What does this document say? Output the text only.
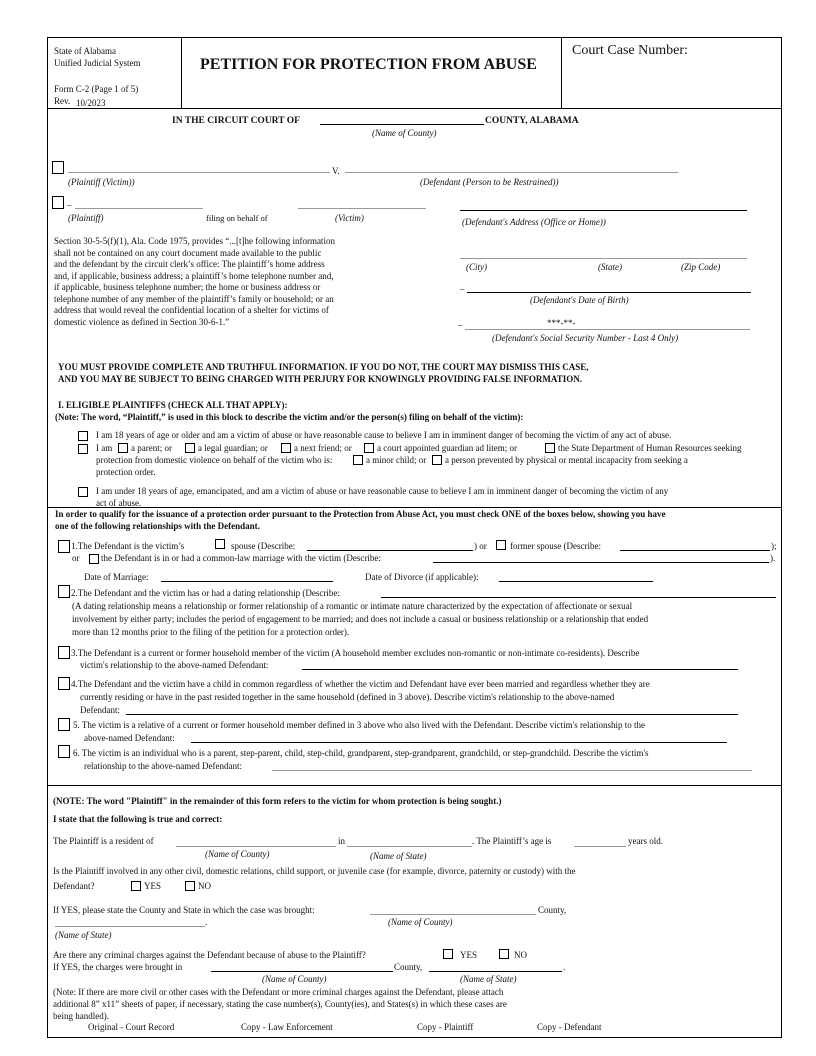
State of Alabama
Unified Judicial System
Form C-2 (Page 1 of 5)
Rev. 10/2023
PETITION FOR PROTECTION FROM ABUSE
Court Case Number:
IN THE CIRCUIT COURT OF	COUNTY, ALABAMA
(Name of County)
V.
(Plaintiff (Victim))	(Defendant (Person to be Restrained))
–
(Plaintiff)	filing on behalf of	(Victim)	(Defendant's Address (Office or Home))
Section 30-5-5(f)(1), Ala. Code 1975, provides “...[t]he following information shall not be contained on any court document made available to the public and the defendant by the circuit clerk’s office: The plaintiff’s home address and, if applicable, business address; a plaintiff’s home telephone number and, if applicable, business telephone number; the home or business address or telephone number of any member of the plaintiff’s family or household; or an address that would reveal the confidential location of a shelter for victims of domestic violence as defined in Section 30-6-1.”
(City)	(State)	(Zip Code)
–
(Defendant's Date of Birth)
–	***-**-
(Defendant's Social Security Number - Last 4 Only)
YOU MUST PROVIDE COMPLETE AND TRUTHFUL INFORMATION. IF YOU DO NOT, THE COURT MAY DISMISS THIS CASE,
AND YOU MAY BE SUBJECT TO BEING CHARGED WITH PERJURY FOR KNOWINGLY PROVIDING FALSE INFORMATION.
I. ELIGIBLE PLAINTIFFS (CHECK ALL THAT APPLY):
(Note: The word, “Plaintiff,” is used in this block to describe the victim and/or the person(s) filing on behalf of the victim):
I am 18 years of age or older and am a victim of abuse or have reasonable cause to believe I am in imminent danger of becoming the victim of any act of abuse.
I am a parent; or	a legal guardian; or	a next friend; or	a court appointed guardian ad litem; or	the State Department of Human Resources seeking
protection from domestic violence on behalf of the victim who is:	a minor child; or a person prevented by physical or mental incapacity from seeking a
protection order.
I am under 18 years of age, emancipated, and am a victim of abuse or have reasonable cause to believe I am in imminent danger of becoming the victim of any
act of abuse.
In order to qualify for the issuance of a protection order pursuant to the Protection from Abuse Act, you must check ONE of the boxes below, showing you have
one of the following relationships with the Defendant.
1.The Defendant is the victim’s	spouse (Describe:	) or	former spouse (Describe:	);
or the Defendant is in or had a common-law marriage with the victim (Describe:	).
Date of Marriage:	Date of Divorce (if applicable):
2.The Defendant and the victim has or had a dating relationship (Describe:
(A dating relationship means a relationship or former relationship of a romantic or intimate nature characterized by the expectation of affectionate or sexual
involvement by either party; includes the period of engagement to be married; and does not include a casual or business relationship or a relationship that ended
more than 12 months prior to the filing of the petition for a protection order).
3.The Defendant is a current or former household member of the victim (A household member excludes non-romantic or non-intimate co-residents). Describe
victim's relationship to the above-named Defendant:
4.The Defendant and the victim have a child in common regardless of whether the victim and Defendant have ever been married and regardless whether they are
currently residing or have in the past resided together in the same household (defined in 3 above). Describe victim's relationship to the above-named
Defendant:
5. The victim is a relative of a current or former household member defined in 3 above who also lived with the Defendant. Describe victim's relationship to the
above-named Defendant:
6. The victim is an individual who is a parent, step-parent, child, step-child, grandparent, step-grandparent, grandchild, or step-grandchild. Describe the victim's
relationship to the above-named Defendant:
(NOTE: The word "Plaintiff" in the remainder of this form refers to the victim for whom protection is being sought.)
I state that the following is true and correct:
The Plaintiff is a resident of	in	. The Plaintiff’s age is	years old.
(Name of County)	(Name of State)
Is the Plaintiff involved in any other civil, domestic relations, child support, or juvenile case (for example, divorce, paternity or custody) with the
Defendant?	YES	NO
If YES, please state the County and State in which the case was brought:	County,
(Name of County)
.
(Name of State)
Are there any criminal charges against the Defendant because of abuse to the Plaintiff?	YES	NO
If YES, the charges were brought in	County,	.
(Name of County)	(Name of State)
(Note: If there are more civil or other cases with the Defendant or more criminal charges against the Defendant, please attach
additional 8” x11” sheets of paper, if necessary, stating the case number(s), County(ies), and States(s) in which these cases are
being handled).
Original - Court Record	Copy - Law Enforcement	Copy - Plaintiff	Copy - Defendant
